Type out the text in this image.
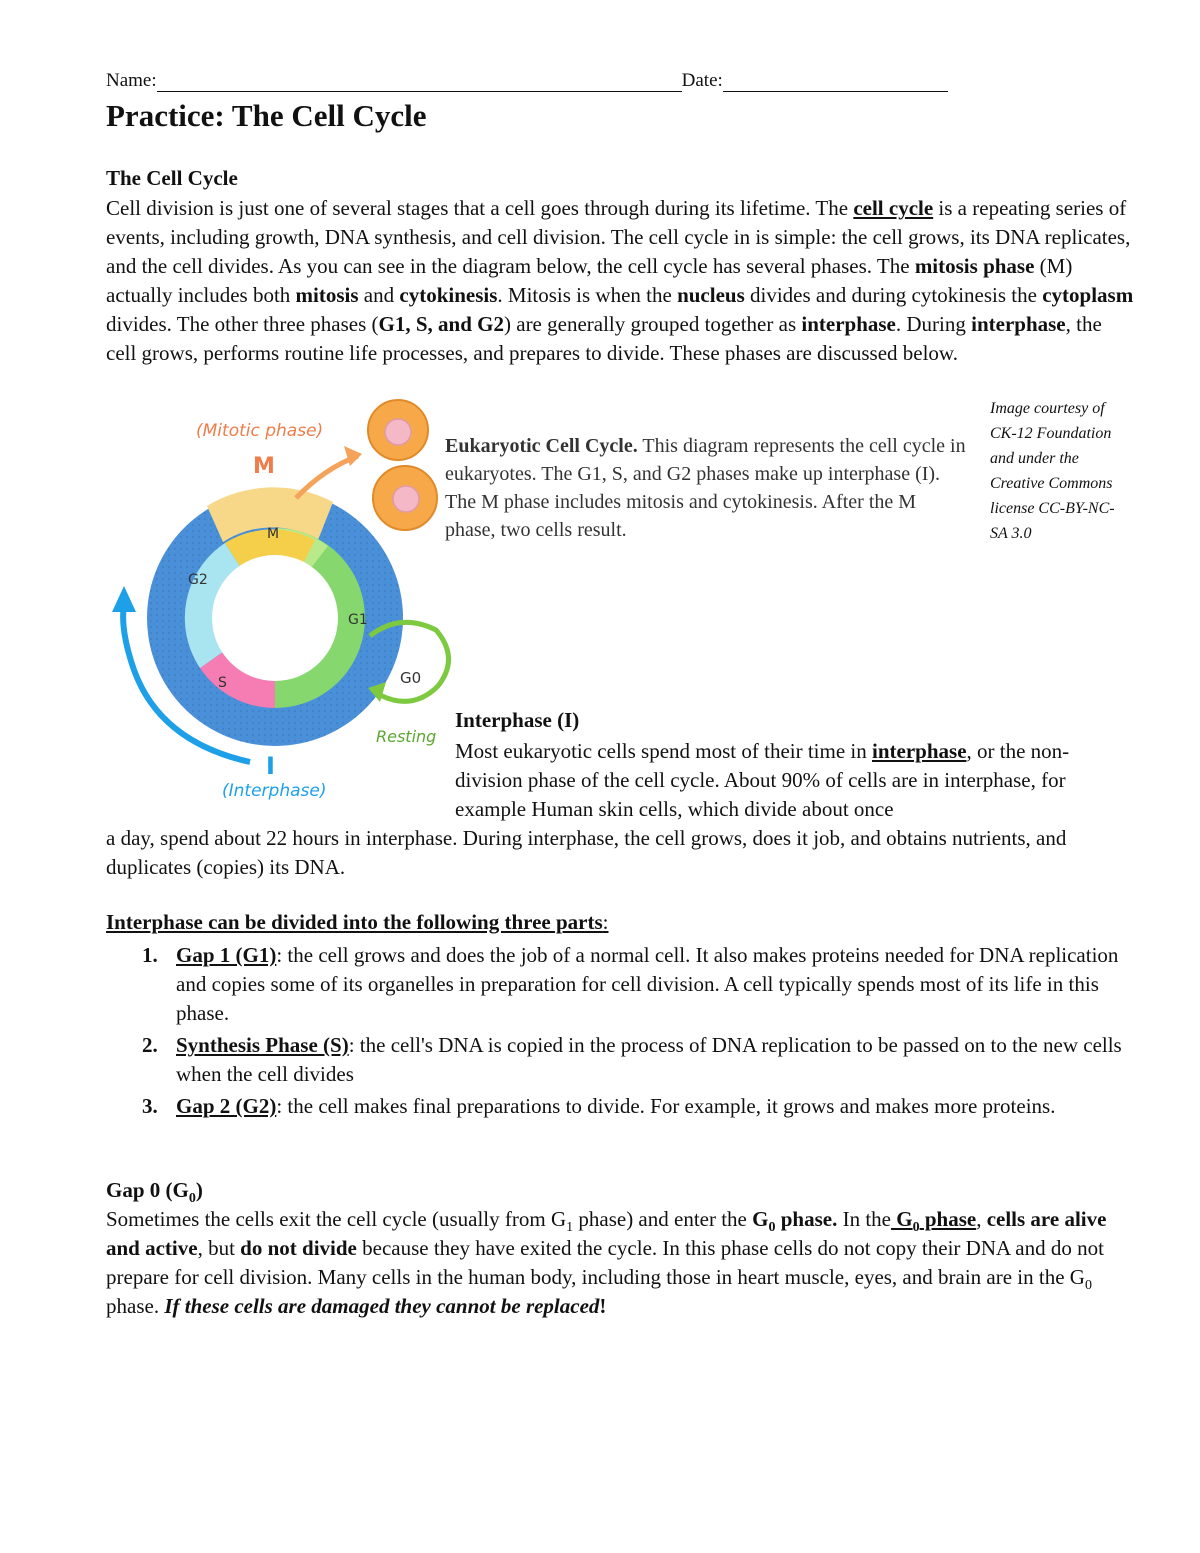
Name:	Date:
Practice: The Cell Cycle
The Cell Cycle

Cell division is just one of several stages that a cell goes through during its lifetime. The cell cycle is a repeating series of events, including growth, DNA synthesis, and cell division. The cell cycle in is simple: the cell grows, its DNA replicates, and the cell divides. As you can see in the diagram below, the cell cycle has several phases. The mitosis phase (M) actually includes both mitosis and cytokinesis. Mitosis is when the nucleus divides and during cytokinesis the cytoplasm divides. The other three phases (G1, S, and G2) are generally grouped together as interphase. During interphase, the cell grows, performs routine life processes, and prepares to divide. These phases are discussed below.

M
G2
G1
S
(Mitotic phase)
M
G0
Resting
I
(Interphase)

Eukaryotic Cell Cycle. This diagram represents the cell cycle in eukaryotes. The G1, S, and G2 phases make up interphase (I). The M phase includes mitosis and cytokinesis. After the M phase, two cells result.

Image courtesy of CK-12 Foundation and under the Creative Commons license CC-BY-NC-SA 3.0
Interphase (I)

Most eukaryotic cells spend most of their time in interphase, or the non-division phase of the cell cycle. About 90% of cells are in interphase, for example Human skin cells, which divide about once

a day, spend about 22 hours in interphase. During interphase, the cell grows, does it job, and obtains nutrients, and duplicates (copies) its DNA.

Interphase can be divided into the following three parts:
1. Gap 1 (G1): the cell grows and does the job of a normal cell. It also makes proteins needed for DNA replication and copies some of its organelles in preparation for cell division. A cell typically spends most of its life in this phase.
2. Synthesis Phase (S): the cell's DNA is copied in the process of DNA replication to be passed on to the new cells when the cell divides
3. Gap 2 (G2): the cell makes final preparations to divide. For example, it grows and makes more proteins.
Gap 0 $(G_0)$

Sometimes the cells exit the cell cycle (usually from $G_1$ phase) and enter the $G_0$ phase. In the $G_0$ phase, cells are alive and active, but do not divide because they have exited the cycle. In this phase cells do not copy their DNA and do not prepare for cell division. Many cells in the human body, including those in heart muscle, eyes, and brain are in the $G_0$ phase. If these cells are damaged they cannot be replaced!
